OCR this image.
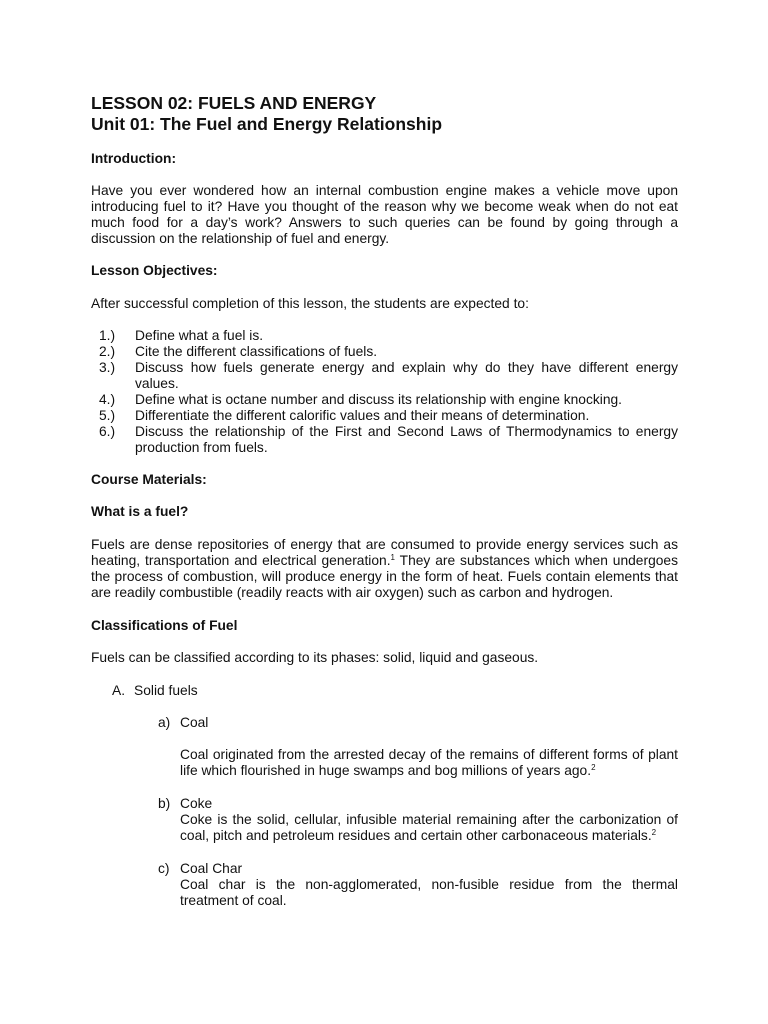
LESSON 02: FUELS AND ENERGY
Unit 01: The Fuel and Energy Relationship

Introduction:

Have you ever wondered how an internal combustion engine makes a vehicle move upon introducing fuel to it? Have you thought of the reason why we become weak when do not eat much food for a day’s work? Answers to such queries can be found by going through a discussion on the relationship of fuel and energy.

Lesson Objectives:

After successful completion of this lesson, the students are expected to:

1.)	Define what a fuel is.
2.)	Cite the different classifications of fuels.
3.)	Discuss how fuels generate energy and explain why do they have different energy values.
4.)	Define what is octane number and discuss its relationship with engine knocking.
5.)	Differentiate the different calorific values and their means of determination.
6.)	Discuss the relationship of the First and Second Laws of Thermodynamics to energy production from fuels.

Course Materials:

What is a fuel?

Fuels are dense repositories of energy that are consumed to provide energy services such as heating, transportation and electrical generation.$^1$ They are substances which when undergoes the process of combustion, will produce energy in the form of heat. Fuels contain elements that are readily combustible (readily reacts with air oxygen) such as carbon and hydrogen.

Classifications of Fuel

Fuels can be classified according to its phases: solid, liquid and gaseous.

A. Solid fuels
a) Coal

Coal originated from the arrested decay of the remains of different forms of plant life which flourished in huge swamps and bog millions of years ago.$^2$

b) Coke

Coke is the solid, cellular, infusible material remaining after the carbonization of coal, pitch and petroleum residues and certain other carbonaceous materials.$^2$

c) Coal Char

Coal char is the non-agglomerated, non-fusible residue from the thermal treatment of coal.
